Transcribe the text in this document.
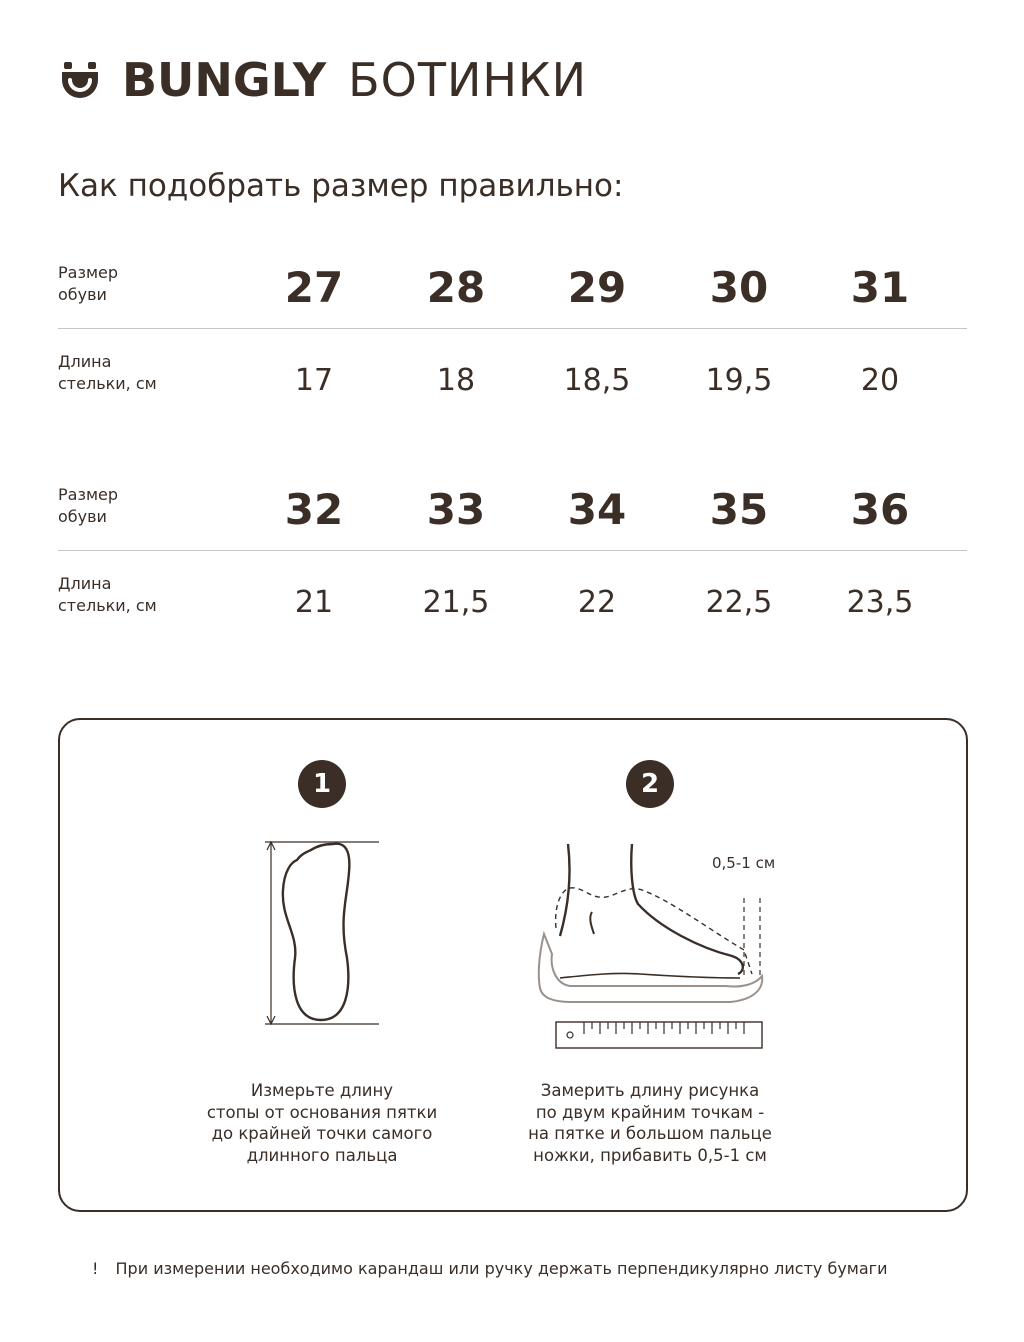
BUNGLY БОТИНКИ
Как подобрать размер правильно:
Размер
обуви	27	28	29	30	31
Длина
стельки, см	17	18	18,5	19,5	20
Размер
обуви	32	33	34	35	36
Длина
стельки, см	21	21,5	22	22,5	23,5
1
Измерьте длину
стопы от основания пятки
до крайней точки самого
длинного пальца
2
0,5-1 см
Замерить длину рисунка
по двум крайним точкам -
на пятке и большом пальце
ножки, прибавить 0,5-1 см
! При измерении необходимо карандаш или ручку держать перпендикулярно листу бумаги
